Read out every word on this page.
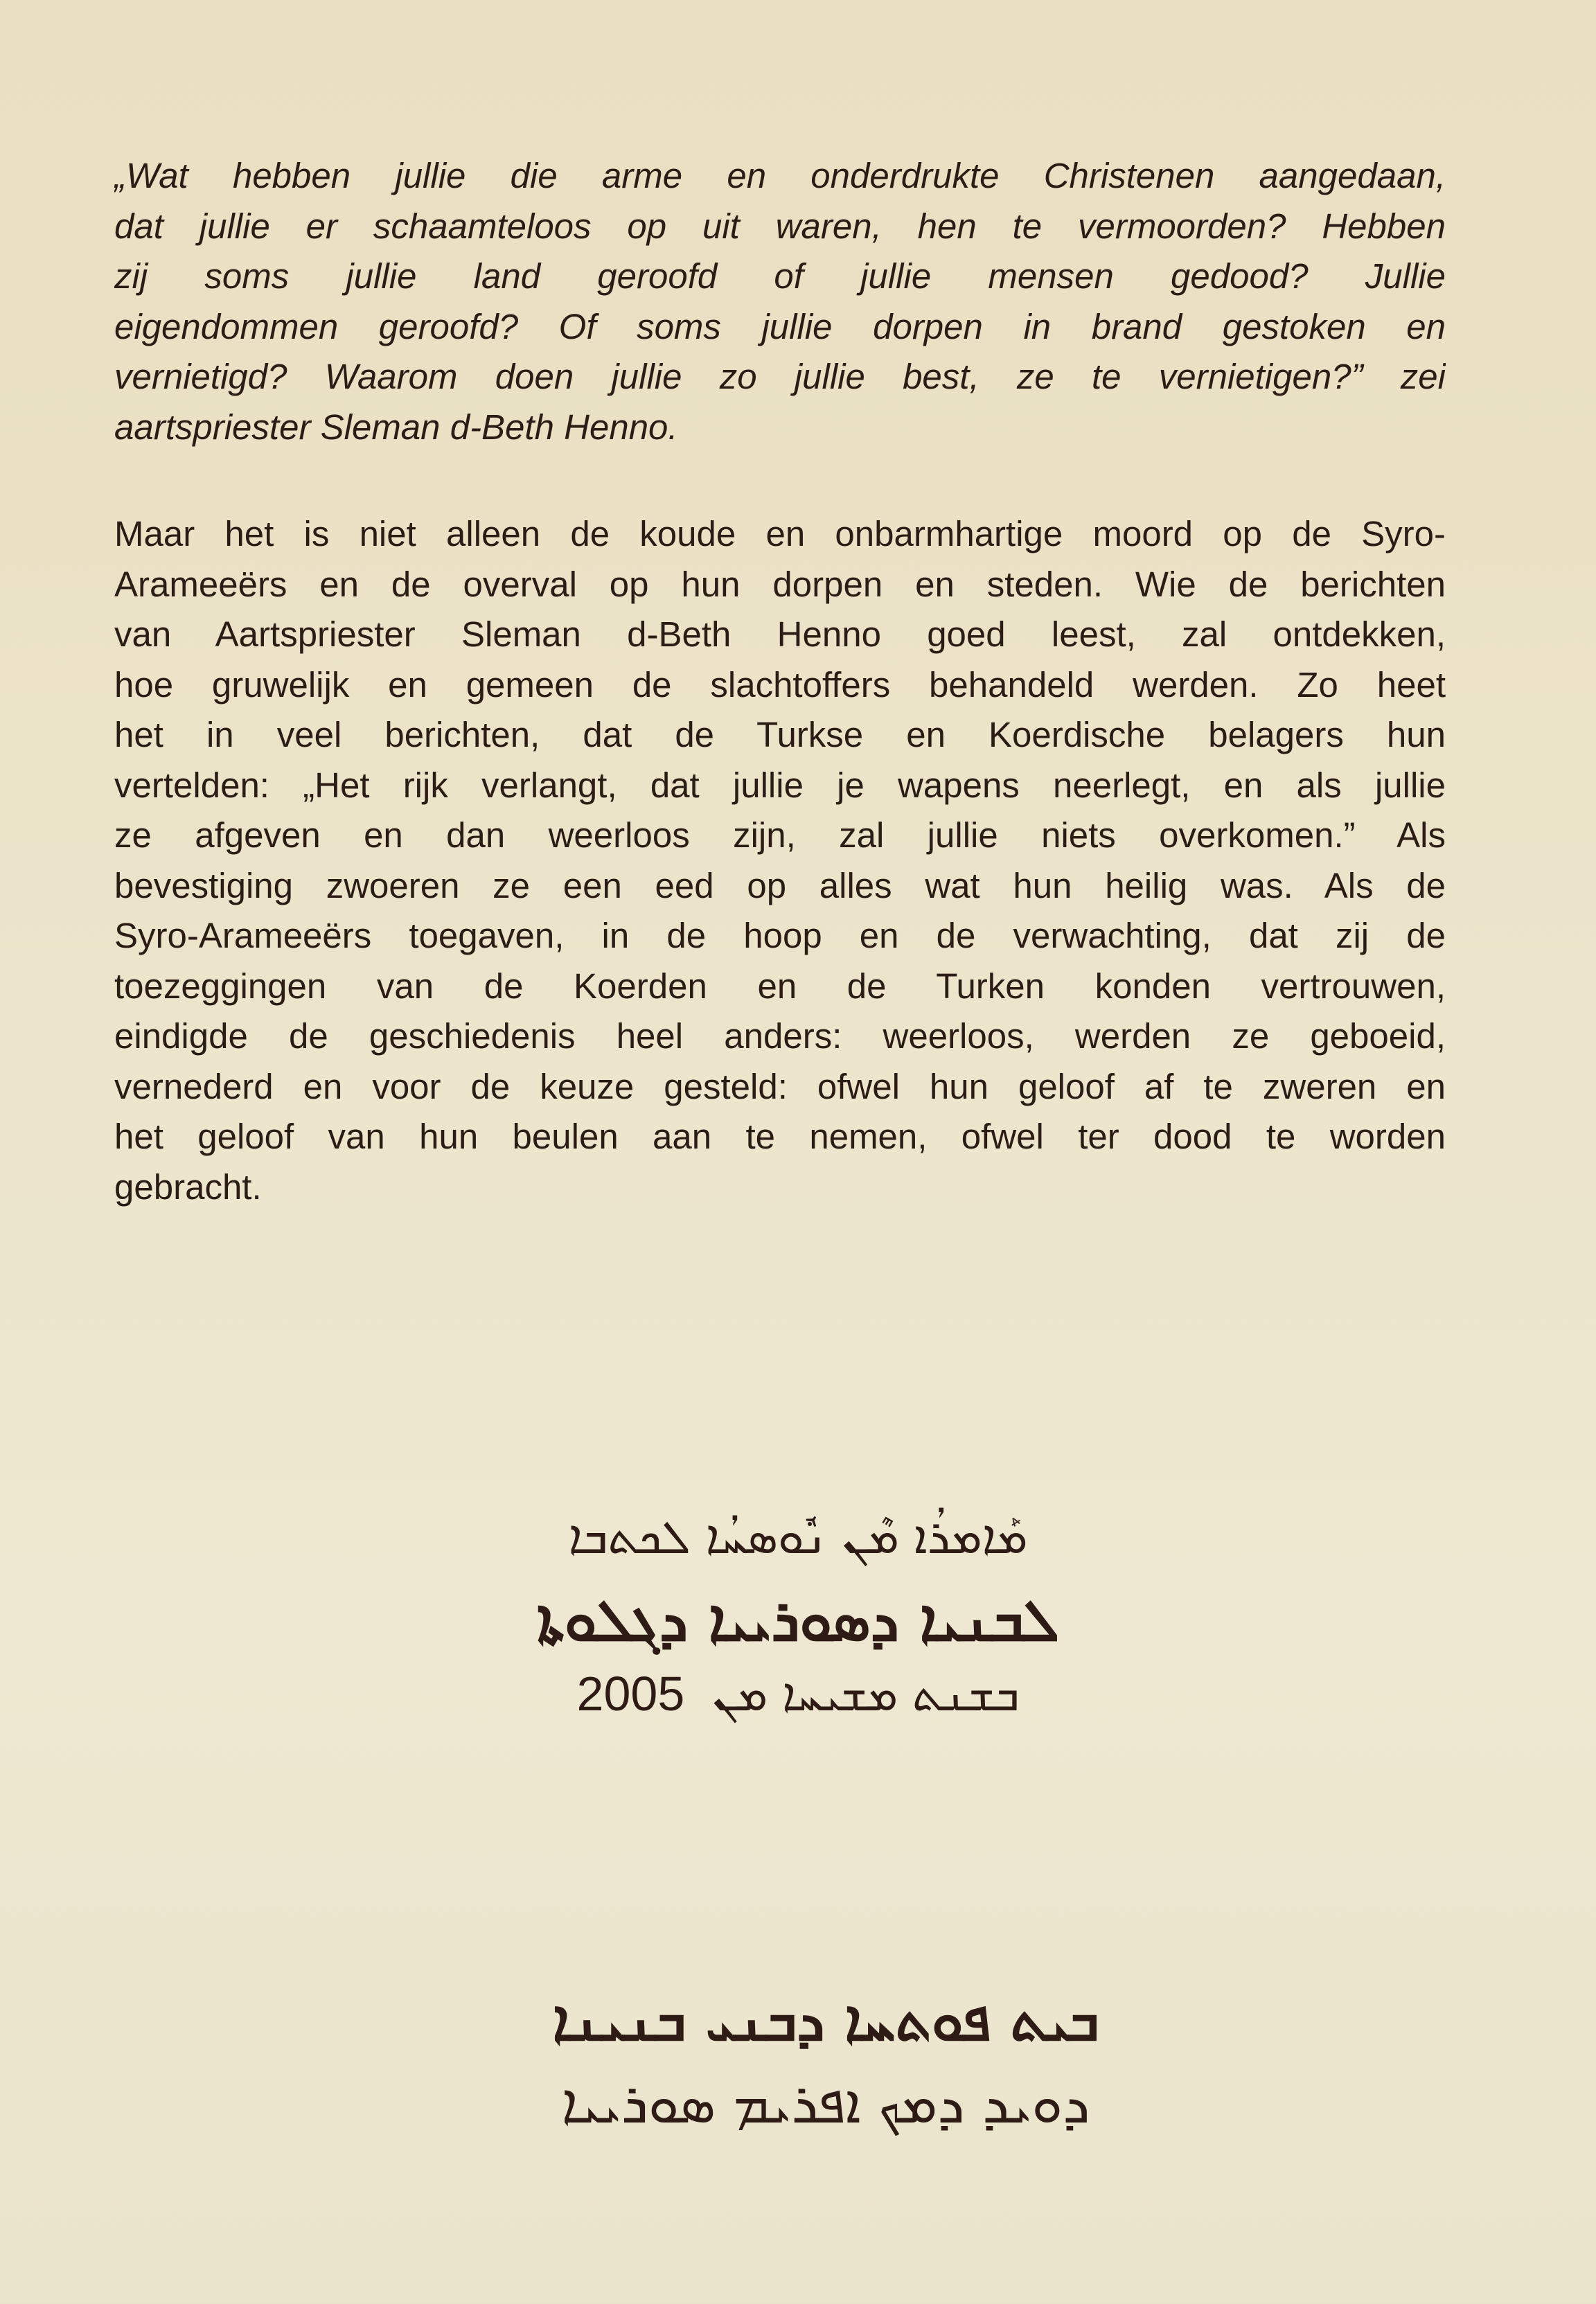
„Wat hebben jullie die arme en onderdrukte Christenen aangedaan,
dat jullie er schaamteloos op uit waren, hen te vermoorden? Hebben
zij soms jullie land geroofd of jullie mensen gedood? Jullie
eigendommen geroofd? Of soms jullie dorpen in brand gestoken en
vernietigd? Waarom doen jullie zo jullie best, ze te vernietigen?” zei
aartspriester Sleman d-Beth Henno.
Maar het is niet alleen de koude en onbarmhartige moord op de Syro-
Arameeërs en de overval op hun dorpen en steden. Wie de berichten
van Aartspriester Sleman d-Beth Henno goed leest, zal ontdekken,
hoe gruwelijk en gemeen de slachtoffers behandeld werden. Zo heet
het in veel berichten, dat de Turkse en Koerdische belagers hun
vertelden: „Het rijk verlangt, dat jullie je wapens neerlegt, en als jullie
ze afgeven en dan weerloos zijn, zal jullie niets overkomen.” Als
bevestiging zwoeren ze een eed op alles wat hun heilig was. Als de
Syro-Arameeërs toegaven, in de hoop en de verwachting, dat zij de
toezeggingen van de Koerden en de Turken konden vertrouwen,
eindigde de geschiedenis heel anders: weerloos, werden ze geboeid,
vernederd en voor de keuze gesteld: ofwel hun geloof af te zweren en
het geloof van hun beulen aan te nemen, ofwel ter dood te worden
gebracht.
ܡܰܐܡܪܳܐ ܡܶܢ ܢܽܘܣܚܳܐ ܠܟܬܒܐ
ܠܒܢܝܐ ܕܣܘܪܝܝܐ ܕܓܠܘܬܐ
ܒܫܢܬ ܡܫܝܚܐ ܡܢ 2005
ܒܝܬ ܦܘܬܚܐ ܕܒܢܝ ܒܢܝܢܐ
ܕܘܝܕ ܕܡܟ ܐܦܪܝܡ ܣܘܪܝܝܐ
